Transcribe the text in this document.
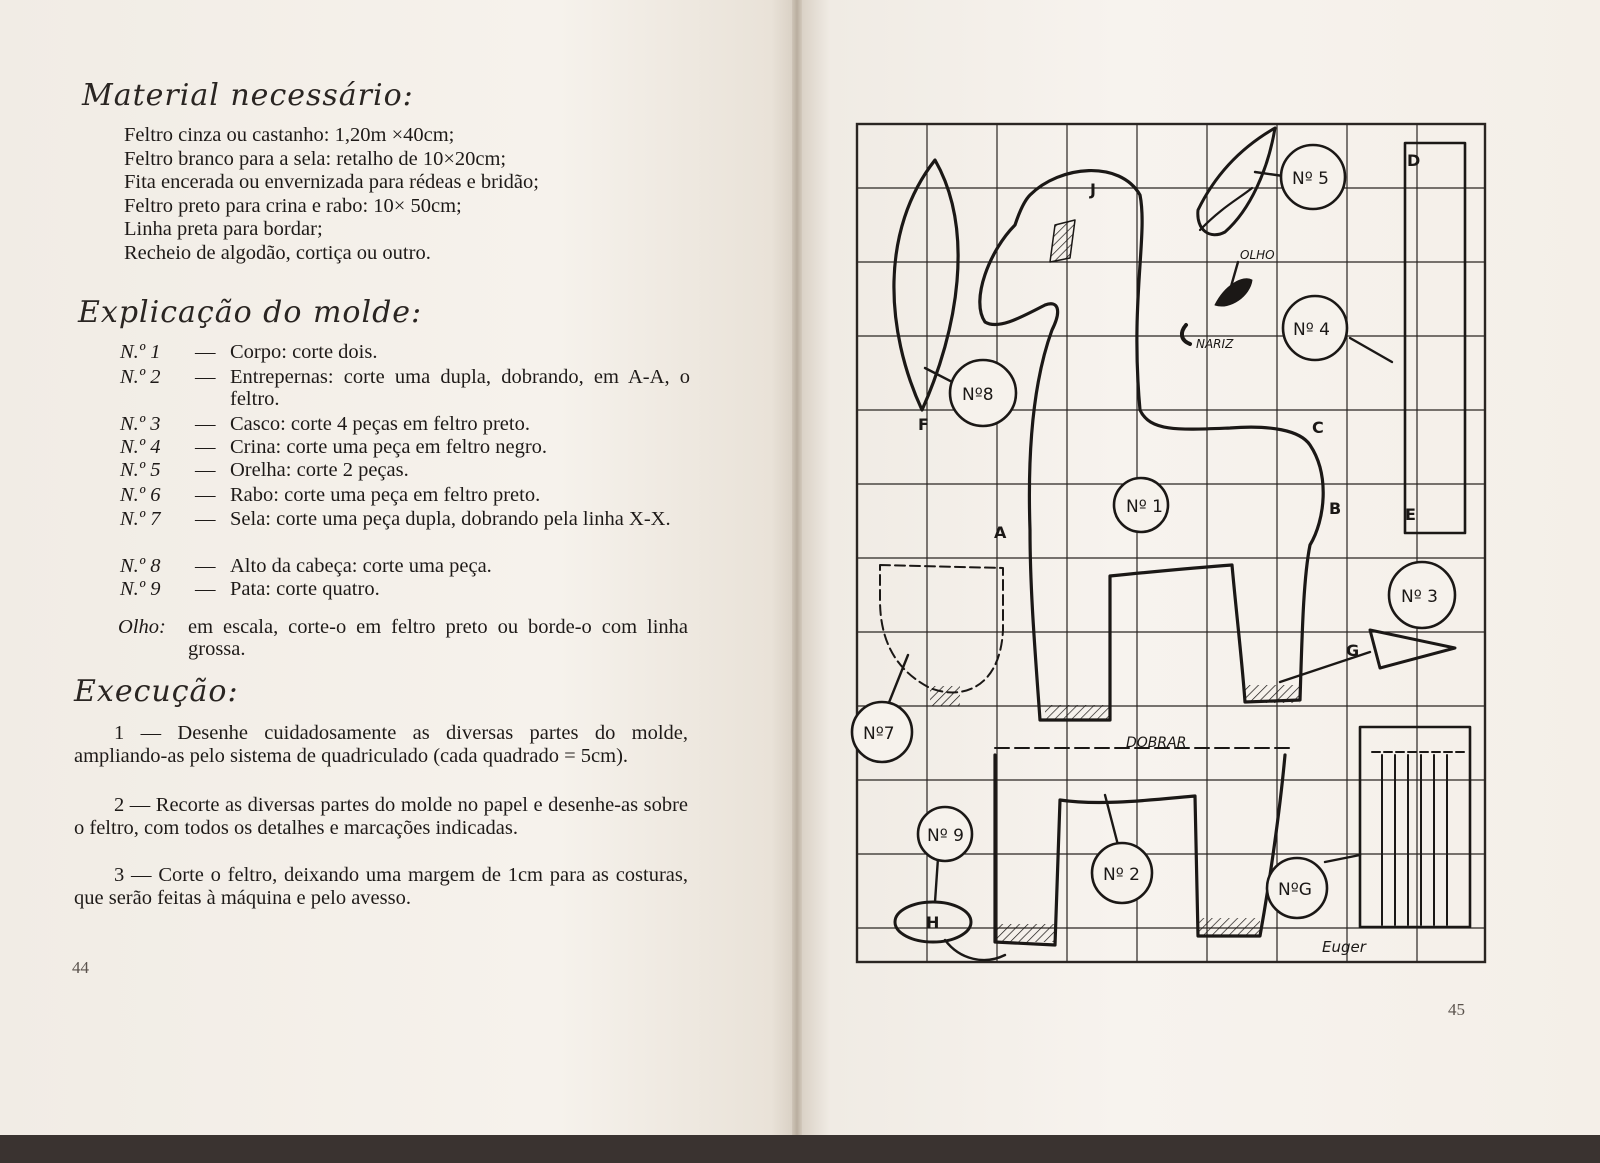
Material necessário:
Feltro cinza ou castanho: 1,20m ×40cm;
Feltro branco para a sela: retalho de 10×20cm;
Fita encerada ou envernizada para rédeas e bridão;
Feltro preto para crina e rabo: 10× 50cm;
Linha preta para bordar;
Recheio de algodão, cortiça ou outro.
Explicação do molde:
N.º 1 — Corpo: corte dois.
N.º 2 — Entrepernas: corte uma dupla, dobrando, em A-A, o feltro.
N.º 3 — Casco: corte 4 peças em feltro preto.
N.º 4 — Crina: corte uma peça em feltro negro.
N.º 5 — Orelha: corte 2 peças.
N.º 6 — Rabo: corte uma peça em feltro preto.
N.º 7 — Sela: corte uma peça dupla, dobrando pela linha X-X.
N.º 8 — Alto da cabeça: corte uma peça.
N.º 9 — Pata: corte quatro.
Olho: em escala, corte-o em feltro preto ou borde-o com linha grossa.
Execução:
1 — Desenhe cuidadosamente as diversas partes do molde, ampliando-as pelo sistema de quadriculado (cada quadrado = 5cm).
2 — Recorte as diversas partes do molde no papel e desenhe-as sobre o feltro, com todos os detalhes e marcações indicadas.
3 — Corte o feltro, deixando uma margem de 1cm para as costuras, que serão feitas à máquina e pelo avesso.
44
45
Nº 1
Nº 2
Nº 3
Nº 4
Nº 5
NºG
Nº7
Nº8
Nº 9
A
B
C
D
E
F
G
H
J
OLHO
NARIZ
DOBRAR
Euger
